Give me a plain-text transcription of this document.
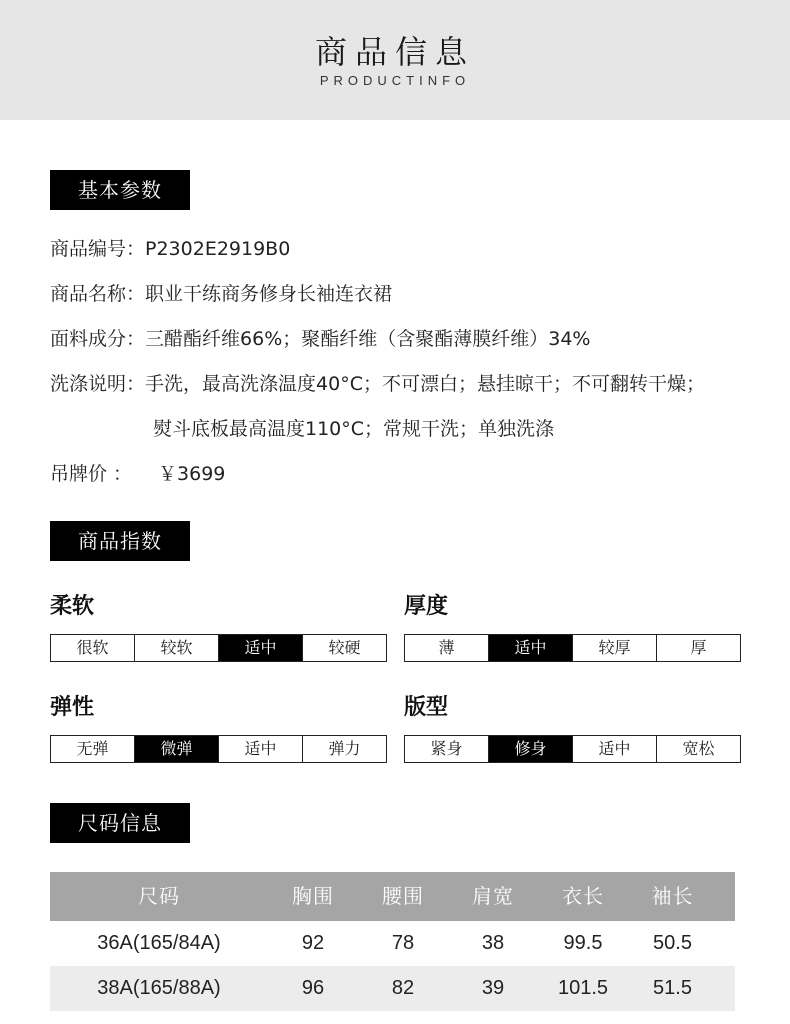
商品信息
PRODUCTINFO
基本参数
商品编号：P2302E2919B0
商品名称：职业干练商务修身长袖连衣裙
面料成分：三醋酯纤维66%；聚酯纤维（含聚酯薄膜纤维）34%
洗涤说明：手洗，最高洗涤温度40°C；不可漂白；悬挂晾干；不可翻转干燥；
熨斗底板最高温度110°C；常规干洗；单独洗涤
吊牌价 ： ￥3699
商品指数
柔软
很软	较软	适中	较硬
厚度
薄	适中	较厚	厚
弹性
无弹	微弹	适中	弹力
版型
紧身	修身	适中	宽松
尺码信息
尺码	胸围	腰围	肩宽	衣长	袖长
36A(165/84A)	92	78	38	99.5	50.5
38A(165/88A)	96	82	39	101.5	51.5
